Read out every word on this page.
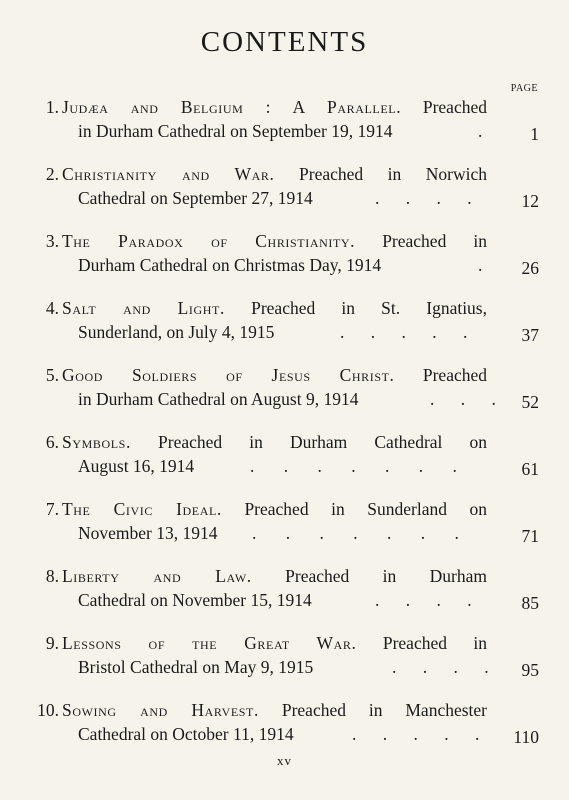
CONTENTS
PAGE
1. Judæa and Belgium : A Parallel. Preached
in Durham Cathedral on September 19, 1914	.	1
2. Christianity and War. Preached in Norwich
Cathedral on September 27, 1914	. . . .	12
3. The Paradox of Christianity. Preached in
Durham Cathedral on Christmas Day, 1914	. 26
4. Salt and Light. Preached in St. Ignatius,
Sunderland, on July 4, 1915	. . . . .	37
5. Good Soldiers of Jesus Christ. Preached
in Durham Cathedral on August 9, 1914	. . . 52
6. Symbols. Preached in Durham Cathedral on
August 16, 1914	. . . . . . .	61
7. The Civic Ideal. Preached in Sunderland on
November 13, 1914 . . . . . . .	71
8. Liberty and Law. Preached in Durham
Cathedral on November 15, 1914	. . . .	85
9. Lessons of the Great War. Preached in
Bristol Cathedral on May 9, 1915	. . . . 95
10. Sowing and Harvest. Preached in Manchester
Cathedral on October 11, 1914	. . . . . 110
xv
